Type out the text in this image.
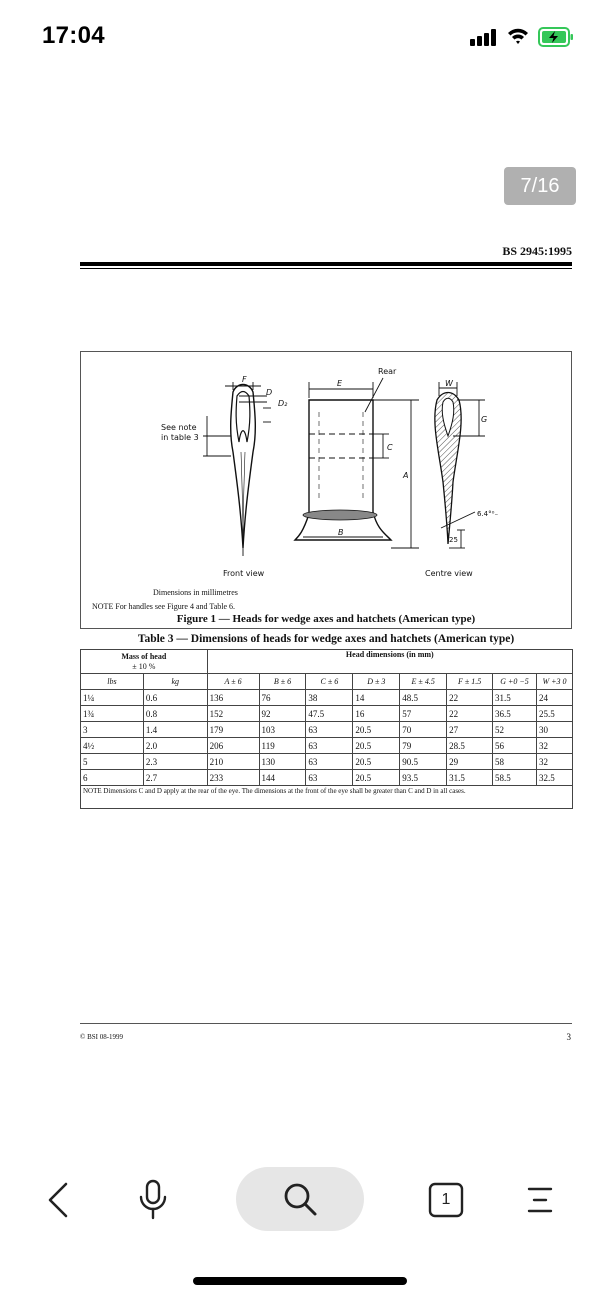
17:04
7/16
BS 2945:1995
See note
in table 3
F
D
D₂
E
Rear
C
A
B
W
G
6.4°⁰₋
25
Front view	Centre view
Dimensions in millimetres
NOTE For handles see Figure 4 and Table 6.
Figure 1 — Heads for wedge axes and hatchets (American type)
Table 3 — Dimensions of heads for wedge axes and hatchets (American type)
Mass of head
± 10 %		Head dimensions (in mm)							
lbs	kg	A ± 6	B ± 6	C ± 6	D ± 3	E ± 4.5	F ± 1.5	G +0 −5	W +3 0
1¼	0.6	136	76	38	14	48.5	22	31.5	24
1¾	0.8	152	92	47.5	16	57	22	36.5	25.5
3	1.4	179	103	63	20.5	70	27	52	30
4½	2.0	206	119	63	20.5	79	28.5	56	32
5	2.3	210	130	63	20.5	90.5	29	58	32
6	2.7	233	144	63	20.5	93.5	31.5	58.5	32.5
NOTE Dimensions C and D apply at the rear of the eye. The dimensions at the front of the eye shall be greater than C and D in all cases.									
© BSI 08-1999	3
1
